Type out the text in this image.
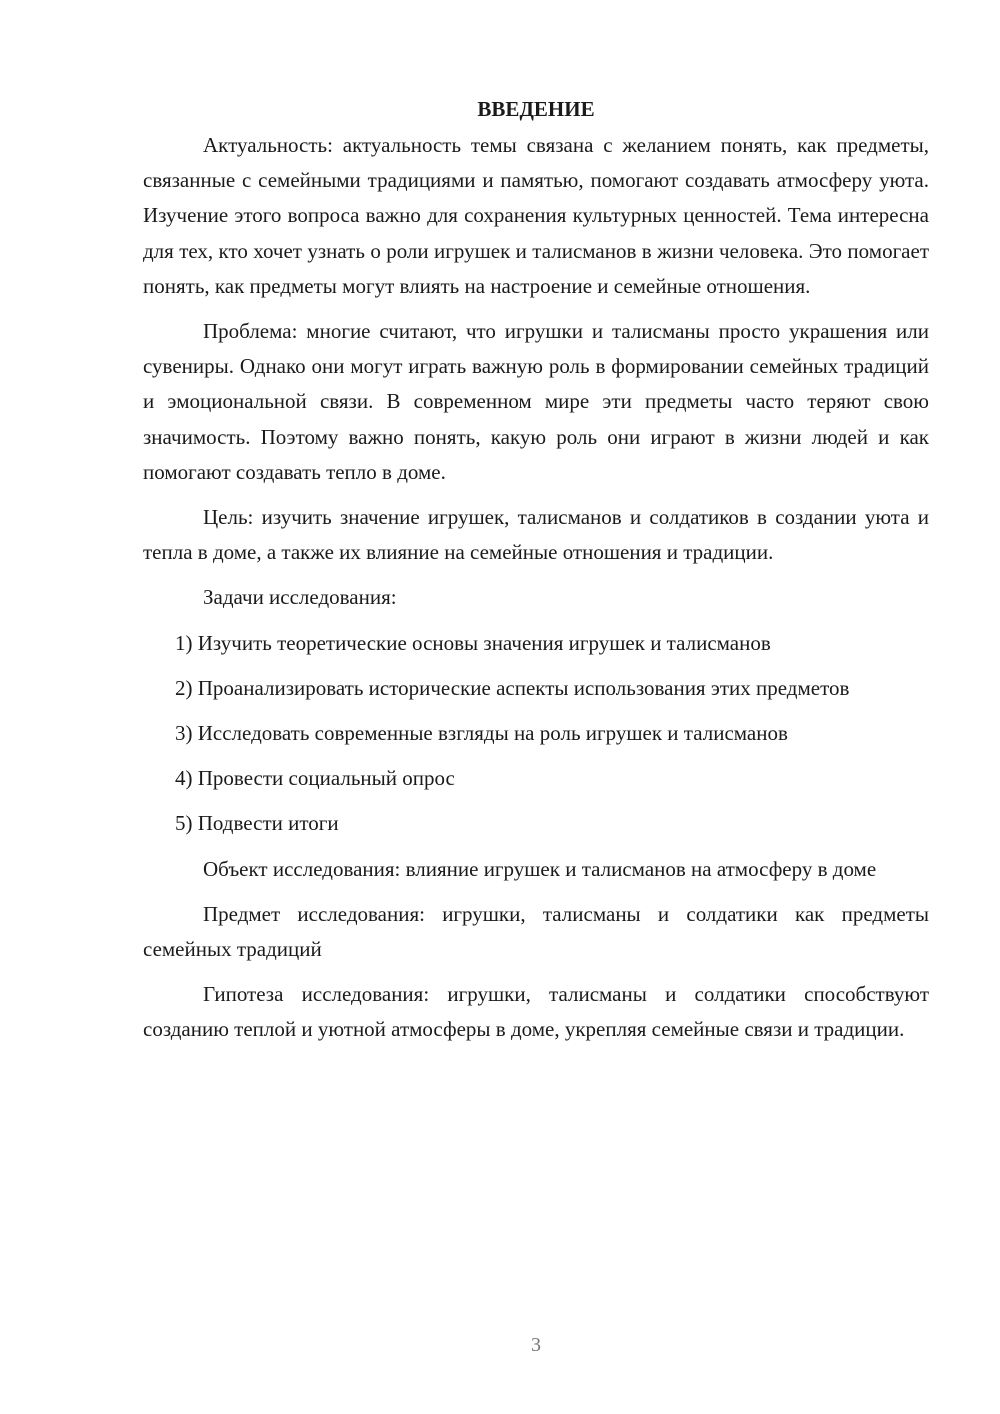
ВВЕДЕНИЕ

Актуальность: актуальность темы связана с желанием понять, как предметы, связанные с семейными традициями и памятью, помогают создавать атмосферу уюта. Изучение этого вопроса важно для сохранения культурных ценностей. Тема интересна для тех, кто хочет узнать о роли игрушек и талисманов в жизни человека. Это помогает понять, как предметы могут влиять на настроение и семейные отношения.

Проблема: многие считают, что игрушки и талисманы просто украшения или сувениры. Однако они могут играть важную роль в формировании семейных традиций и эмоциональной связи. В современном мире эти предметы часто теряют свою значимость. Поэтому важно понять, какую роль они играют в жизни людей и как помогают создавать тепло в доме.

Цель: изучить значение игрушек, талисманов и солдатиков в создании уюта и тепла в доме, а также их влияние на семейные отношения и традиции.

Задачи исследования:

1) Изучить теоретические основы значения игрушек и талисманов

2) Проанализировать исторические аспекты использования этих предметов

3) Исследовать современные взгляды на роль игрушек и талисманов

4) Провести социальный опрос

5) Подвести итоги

Объект исследования: влияние игрушек и талисманов на атмосферу в доме

Предмет исследования: игрушки, талисманы и солдатики как предметы семейных традиций

Гипотеза исследования: игрушки, талисманы и солдатики способствуют созданию теплой и уютной атмосферы в доме, укрепляя семейные связи и традиции.

3
